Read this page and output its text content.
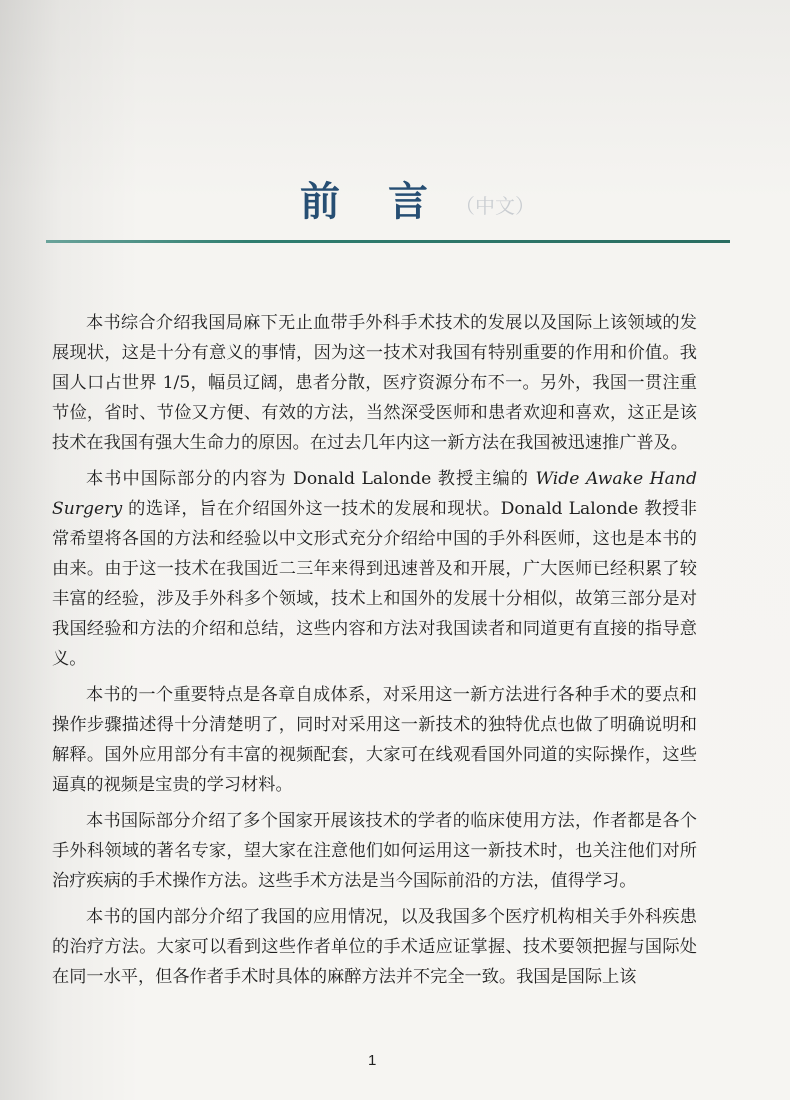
前 言 （中文）

本书综合介绍我国局麻下无止血带手外科手术技术的发展以及国际上该领域的发展现状，这是十分有意义的事情，因为这一技术对我国有特别重要的作用和价值。我国人口占世界 1/5，幅员辽阔，患者分散，医疗资源分布不一。另外，我国一贯注重节俭，省时、节俭又方便、有效的方法，当然深受医师和患者欢迎和喜欢，这正是该技术在我国有强大生命力的原因。在过去几年内这一新方法在我国被迅速推广普及。

本书中国际部分的内容为 Donald Lalonde 教授主编的 Wide Awake Hand Surgery 的选译，旨在介绍国外这一技术的发展和现状。Donald Lalonde 教授非常希望将各国的方法和经验以中文形式充分介绍给中国的手外科医师，这也是本书的由来。由于这一技术在我国近二三年来得到迅速普及和开展，广大医师已经积累了较丰富的经验，涉及手外科多个领域，技术上和国外的发展十分相似，故第三部分是对我国经验和方法的介绍和总结，这些内容和方法对我国读者和同道更有直接的指导意义。

本书的一个重要特点是各章自成体系，对采用这一新方法进行各种手术的要点和操作步骤描述得十分清楚明了，同时对采用这一新技术的独特优点也做了明确说明和解释。国外应用部分有丰富的视频配套，大家可在线观看国外同道的实际操作，这些逼真的视频是宝贵的学习材料。

本书国际部分介绍了多个国家开展该技术的学者的临床使用方法，作者都是各个手外科领域的著名专家，望大家在注意他们如何运用这一新技术时，也关注他们对所治疗疾病的手术操作方法。这些手术方法是当今国际前沿的方法，值得学习。

本书的国内部分介绍了我国的应用情况，以及我国多个医疗机构相关手外科疾患的治疗方法。大家可以看到这些作者单位的手术适应证掌握、技术要领把握与国际处在同一水平，但各作者手术时具体的麻醉方法并不完全一致。我国是国际上该

1
